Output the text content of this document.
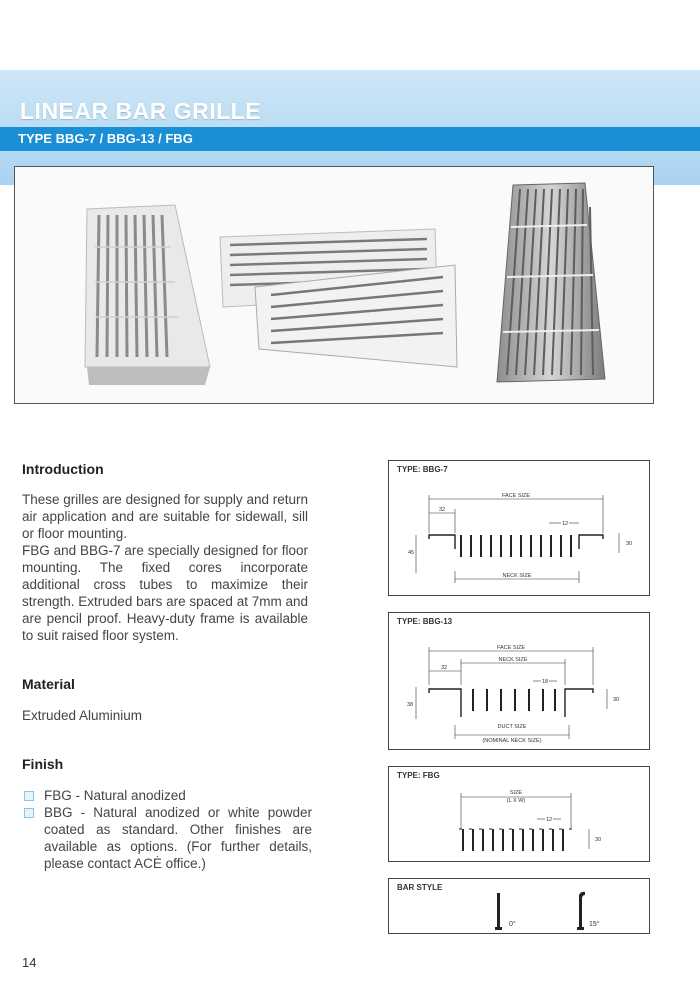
LINEAR BAR GRILLE
TYPE BBG-7 / BBG-13 / FBG
Introduction

These grilles are designed for supply and return air application and are suitable for sidewall, sill or floor mounting.

FBG and BBG-7 are specially designed for floor mounting. The fixed cores incorporate additional cross tubes to maximize their strength. Extruded bars are spaced at 7mm and are pencil proof. Heavy-duty frame is available to suit raised floor system.

Material

Extruded Aluminium

Finish
FBG - Natural anodized
BBG - Natural anodized or white powder coated as standard. Other finishes are available as options. (For further details, please contact ACĖ office.)
FACE SIZE
32
12
NECK SIZE
45
30

TYPE: BBG-7

FACE SIZE
NECK SIZE
32
18
38
30
DUCT SIZE
(NOMINAL NECK SIZE)

TYPE: BBG-13

SIZE
(L X W)
12
30

TYPE: FBG

0°	15°

BAR STYLE

14
